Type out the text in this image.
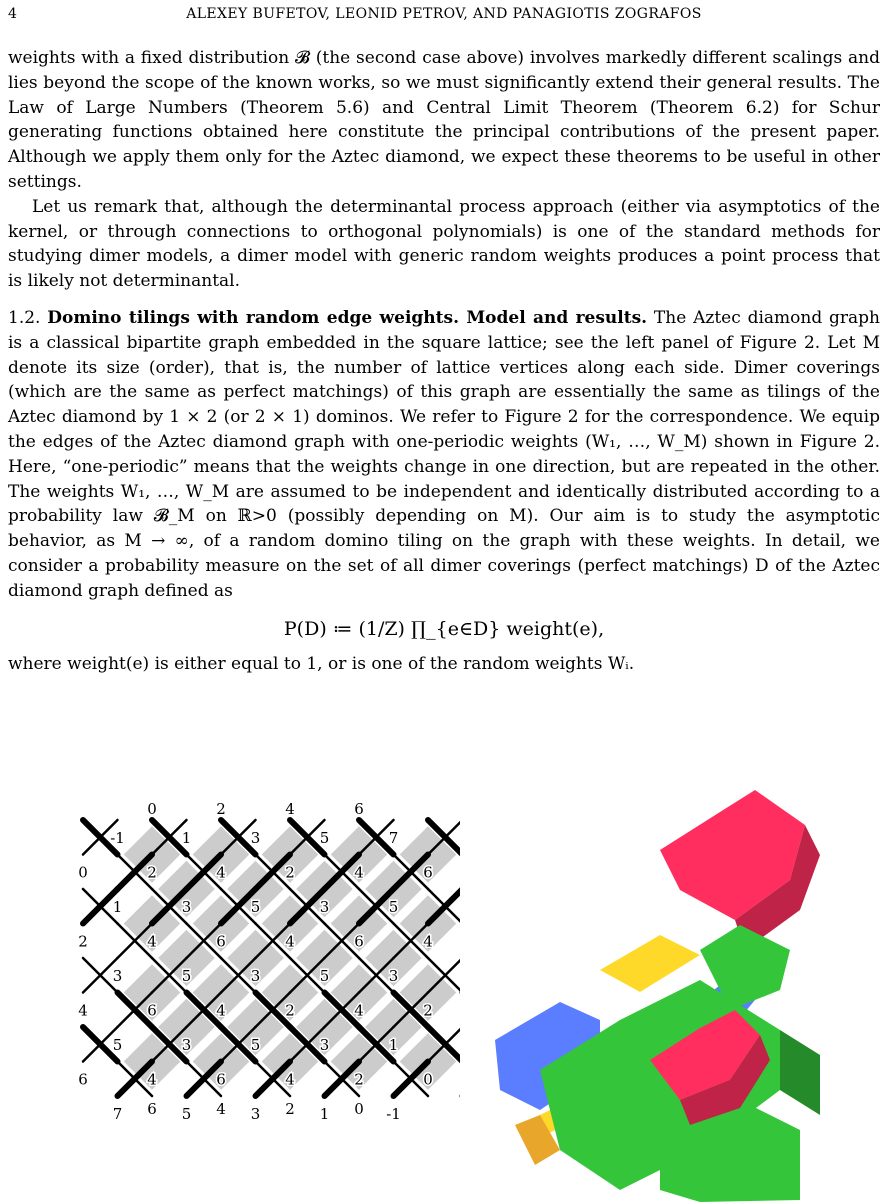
4	ALEXEY BUFETOV, LEONID PETROV, AND PANAGIOTIS ZOGRAFOS

weights with a fixed distribution 𝓑 (the second case above) involves markedly different scalings and lies beyond the scope of the known works, so we must significantly extend their general results. The Law of Large Numbers (Theorem 5.6) and Central Limit Theorem (Theorem 6.2) for Schur generating functions obtained here constitute the principal contributions of the present paper. Although we apply them only for the Aztec diamond, we expect these theorems to be useful in other settings.

Let us remark that, although the determinantal process approach (either via asymptotics of the kernel, or through connections to orthogonal polynomials) is one of the standard methods for studying dimer models, a dimer model with generic random weights produces a point process that is likely not determinantal.

1.2. Domino tilings with random edge weights. Model and results. The Aztec diamond graph is a classical bipartite graph embedded in the square lattice; see the left panel of Figure 2. Let M denote its size (order), that is, the number of lattice vertices along each side. Dimer coverings (which are the same as perfect matchings) of this graph are essentially the same as tilings of the Aztec diamond by 1 × 2 (or 2 × 1) dominos. We refer to Figure 2 for the correspondence. We equip the edges of the Aztec diamond graph with one-periodic weights (W₁, …, W_M) shown in Figure 2. Here, “one-periodic” means that the weights change in one direction, but are repeated in the other. The weights W₁, …, W_M are assumed to be independent and identically distributed according to a probability law 𝓑_M on ℝ>0 (possibly depending on M). Our aim is to study the asymptotic behavior, as M → ∞, of a random domino tiling on the graph with these weights. In detail, we consider a probability measure on the set of all dimer coverings (perfect matchings) D of the Aztec diamond graph defined as

P(D) ≔ (1/Z) ∏_{e∈D} weight(e),

where weight(e) is either equal to 1, or is one of the random weights Wᵢ.

0	2	4	6
6	4	2	0
-1	1	3	5	7
0	2	4	2	4	6
1	3	5	3	5
2	4	6	4	6	4
3	5	3	5	3
4	6	4	2	4	2
5	3	5	3	1
6	4	6	4	2	0
7	5	3	1	-1
